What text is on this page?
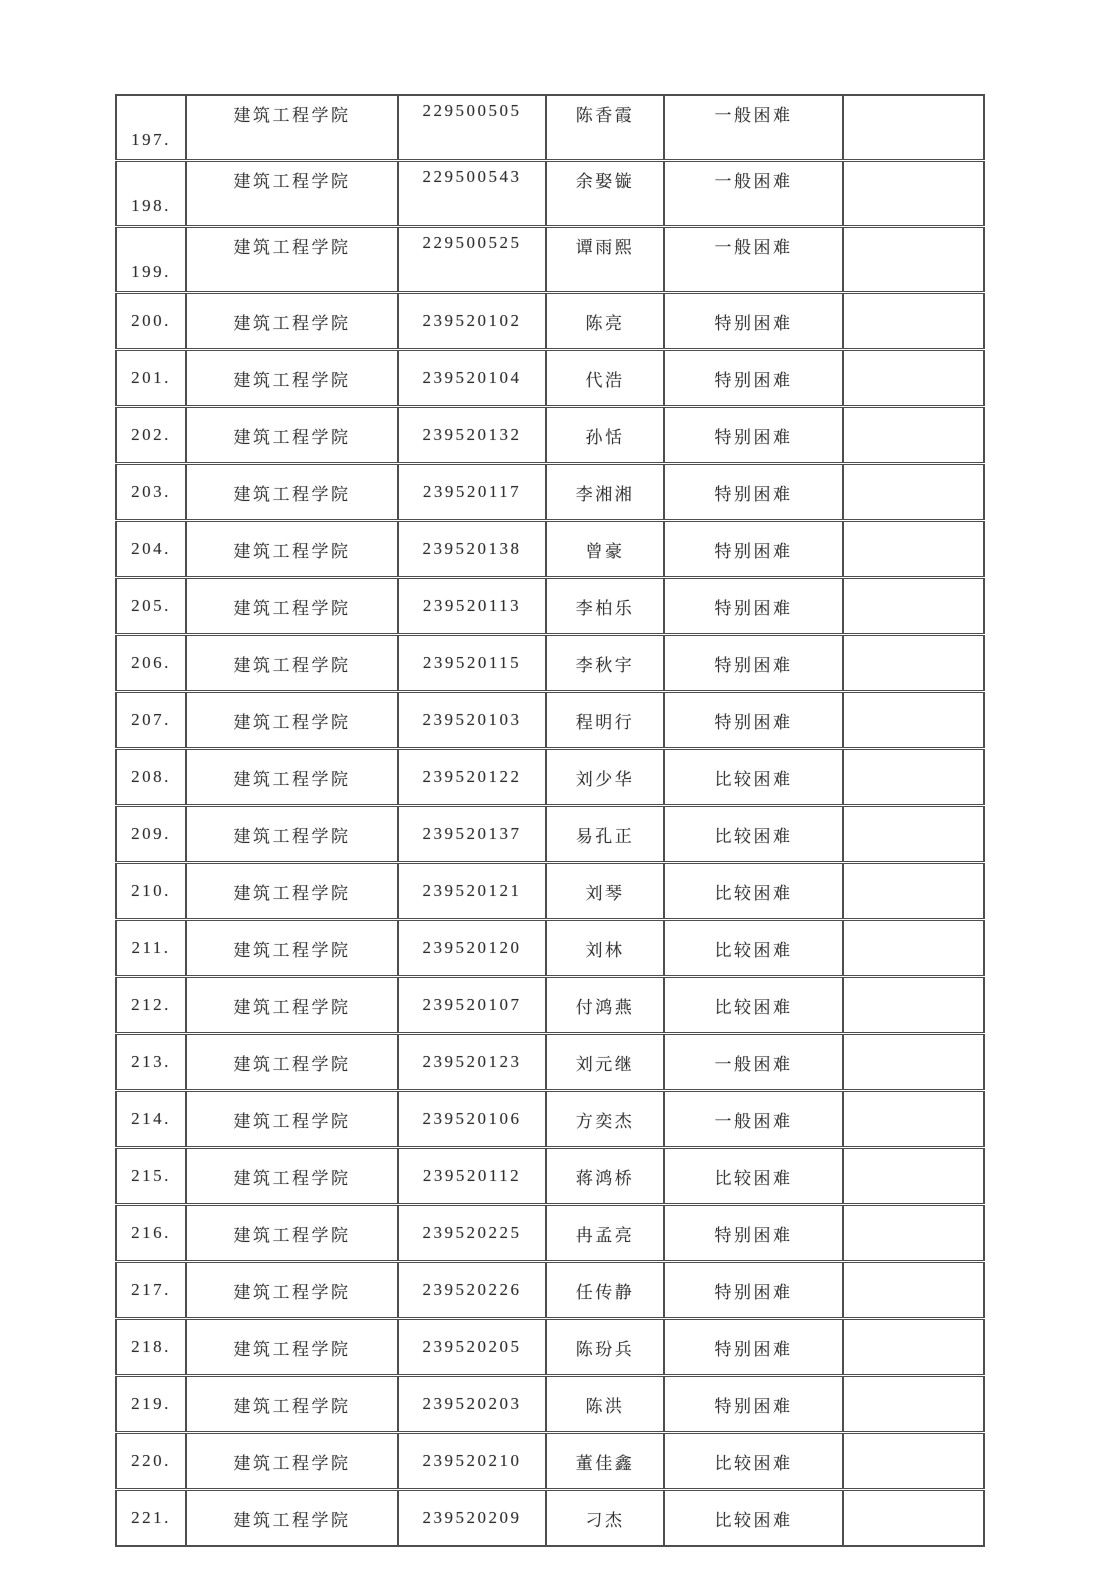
197.	建筑工程学院	229500505	陈香霞	一般困难	
198.	建筑工程学院	229500543	余娶镟	一般困难	
199.	建筑工程学院	229500525	谭雨熙	一般困难	
200.	建筑工程学院	239520102	陈亮	特别困难	
201.	建筑工程学院	239520104	代浩	特别困难	
202.	建筑工程学院	239520132	孙恬	特别困难	
203.	建筑工程学院	239520117	李湘湘	特别困难	
204.	建筑工程学院	239520138	曾豪	特别困难	
205.	建筑工程学院	239520113	李柏乐	特别困难	
206.	建筑工程学院	239520115	李秋宇	特别困难	
207.	建筑工程学院	239520103	程明行	特别困难	
208.	建筑工程学院	239520122	刘少华	比较困难	
209.	建筑工程学院	239520137	易孔正	比较困难	
210.	建筑工程学院	239520121	刘琴	比较困难	
211.	建筑工程学院	239520120	刘林	比较困难	
212.	建筑工程学院	239520107	付鸿燕	比较困难	
213.	建筑工程学院	239520123	刘元继	一般困难	
214.	建筑工程学院	239520106	方奕杰	一般困难	
215.	建筑工程学院	239520112	蒋鸿桥	比较困难	
216.	建筑工程学院	239520225	冉孟亮	特别困难	
217.	建筑工程学院	239520226	任传静	特别困难	
218.	建筑工程学院	239520205	陈玢兵	特别困难	
219.	建筑工程学院	239520203	陈洪	特别困难	
220.	建筑工程学院	239520210	董佳鑫	比较困难	
221.	建筑工程学院	239520209	刁杰	比较困难	
